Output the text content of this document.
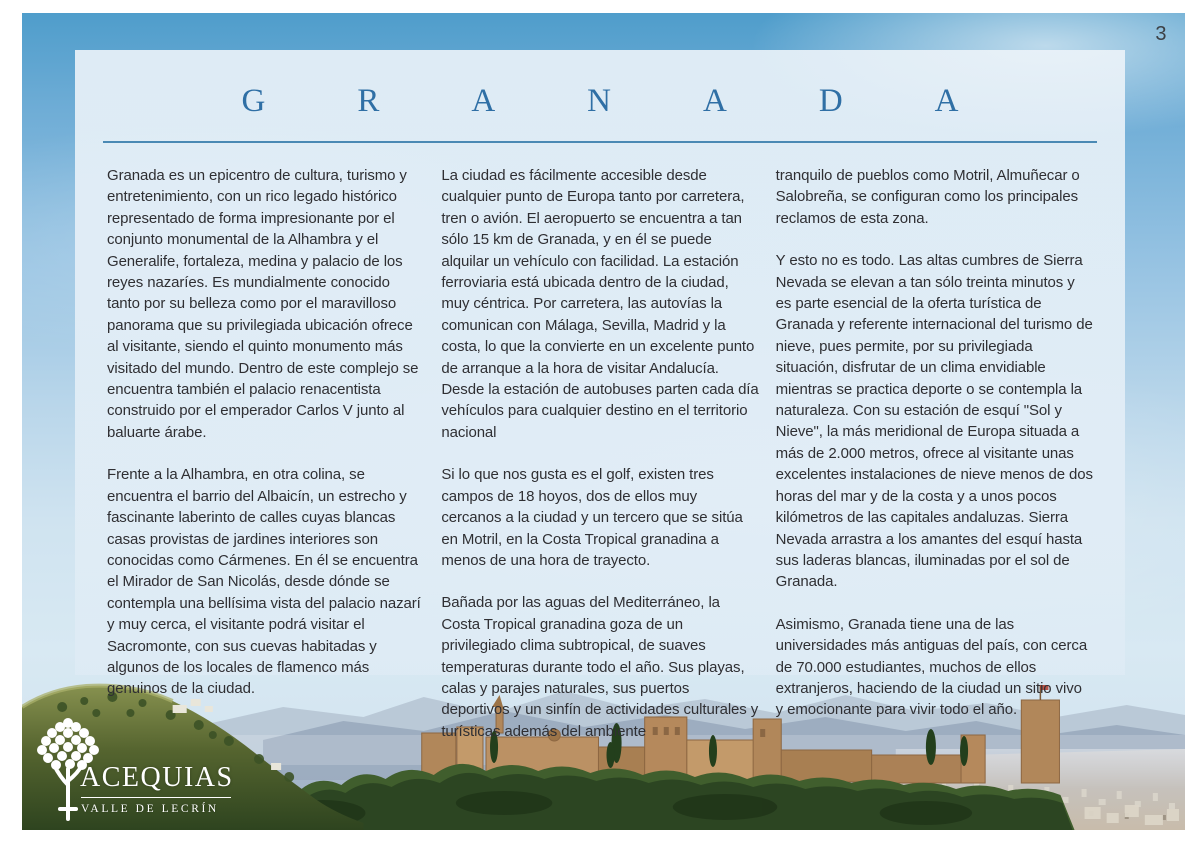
3
GRANADA

Granada es un epicentro de cultura, turismo y entretenimiento, con un rico legado histórico representado de forma impresionante por el conjunto monumental de la Alhambra y el Generalife, fortaleza, medina y palacio de los reyes nazaríes. Es mundialmente conocido tanto por su belleza como por el maravilloso panorama que su privilegiada ubicación ofrece al visitante, siendo el quinto monumento más visitado del mundo. Dentro de este complejo se encuentra también el palacio renacentista construido por el emperador Carlos V junto al baluarte árabe.

Frente a la Alhambra, en otra colina, se encuentra el barrio del Albaicín, un estrecho y fascinante laberinto de calles cuyas blancas casas provistas de jardines interiores son conocidas como Cármenes. En él se encuentra el Mirador de San Nicolás, desde dónde se contempla una bellísima vista del palacio nazarí y muy cerca, el visitante podrá visitar el Sacromonte, con sus cuevas habitadas y algunos de los locales de flamenco más genuinos de la ciudad.

La ciudad es fácilmente accesible desde cualquier punto de Europa tanto por carretera, tren o avión. El aeropuerto se encuentra a tan sólo 15 km de Granada, y en él se puede alquilar un vehículo con facilidad. La estación ferroviaria está ubicada dentro de la ciudad, muy céntrica. Por carretera, las autovías la comunican con Málaga, Sevilla, Madrid y la costa, lo que la convierte en un excelente punto de arranque a la hora de visitar Andalucía. Desde la estación de autobuses parten cada día vehículos para cualquier destino en el territorio nacional

Si lo que nos gusta es el golf, existen tres campos de 18 hoyos, dos de ellos muy cercanos a la ciudad y un tercero que se sitúa en Motril, en la Costa Tropical granadina a menos de una hora de trayecto.

Bañada por las aguas del Mediterráneo, la Costa Tropical granadina goza de un privilegiado clima subtropical, de suaves temperaturas durante todo el año. Sus playas, calas y parajes naturales, sus puertos deportivos y un sinfín de actividades culturales y turísticas además del ambiente

tranquilo de pueblos como Motril, Almuñecar o Salobreña, se configuran como los principales reclamos de esta zona.

Y esto no es todo. Las altas cumbres de Sierra Nevada se elevan a tan sólo treinta minutos y es parte esencial de la oferta turística de Granada y referente internacional del turismo de nieve, pues permite, por su privilegiada situación, disfrutar de un clima envidiable mientras se practica deporte o se contempla la naturaleza. Con su estación de esquí "Sol y Nieve", la más meridional de Europa situada a más de 2.000 metros, ofrece al visitante unas excelentes instalaciones de nieve menos de dos horas del mar y de la costa y a unos pocos kilómetros de las capitales andaluzas. Sierra Nevada arrastra a los amantes del esquí hasta sus laderas blancas, iluminadas por el sol de Granada.

Asimismo, Granada tiene una de las universidades más antiguas del país, con cerca de 70.000 estudiantes, muchos de ellos extranjeros, haciendo de la ciudad un sitio vivo y emocionante para vivir todo el año.

ACEQUIAS
VALLE DE LECRÍN
